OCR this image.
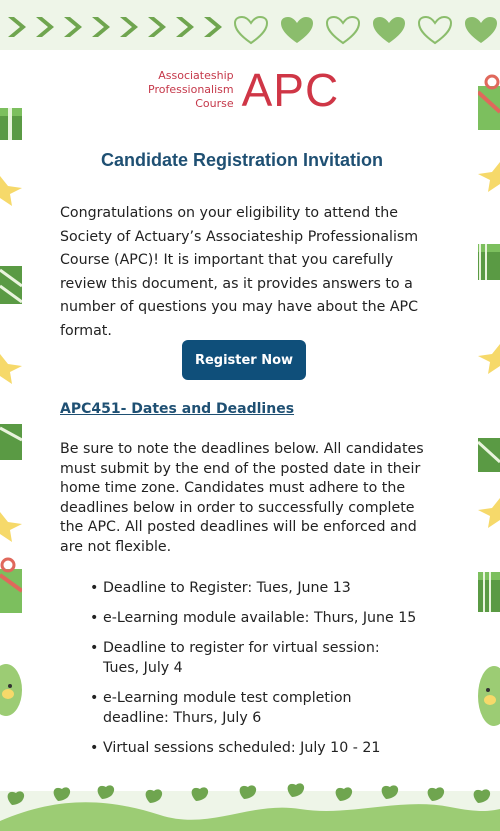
Associateship
Professionalism
Course APC
Candidate Registration Invitation
Congratulations on your eligibility to attend the Society of Actuary’s Associateship Professionalism Course (APC)! It is important that you carefully review this document, as it provides answers to a number of questions you may have about the APC format.
Register Now
APC451- Dates and Deadlines
Be sure to note the deadlines below. All candidates must submit by the end of the posted date in their home time zone. Candidates must adhere to the deadlines below in order to successfully complete the APC. All posted deadlines will be enforced and are not flexible.
• Deadline to Register: Tues, June 13
• e-Learning module available: Thurs, June 15
• Deadline to register for virtual session: Tues, July 4
• e-Learning module test completion deadline: Thurs, July 6
• Virtual sessions scheduled: July 10 - 21
